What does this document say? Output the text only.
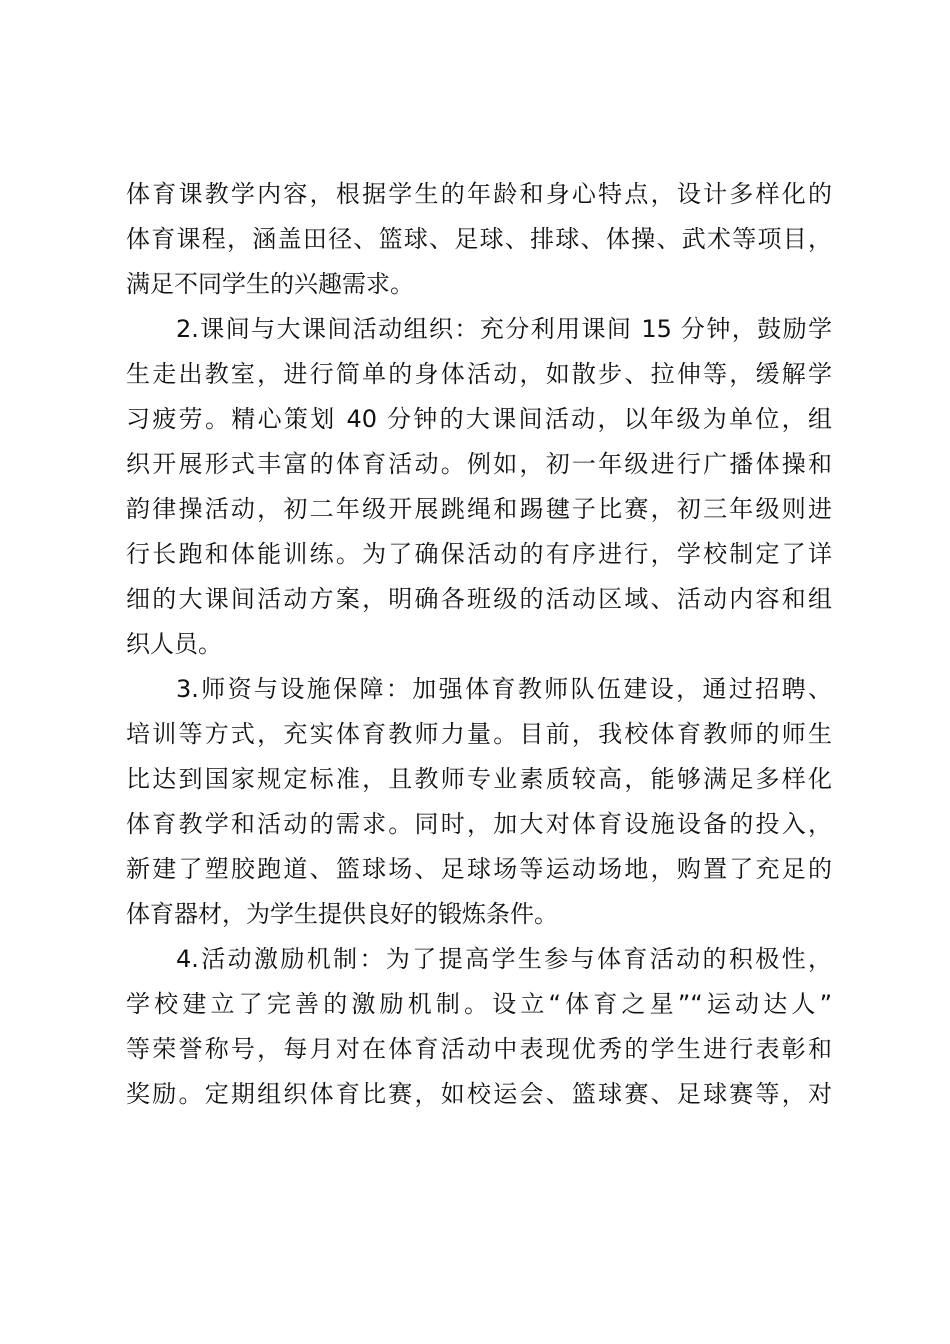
体育课教学内容，根据学生的年龄和身心特点，设计多样化的
体育课程，涵盖田径、篮球、足球、排球、体操、武术等项目，
满足不同学生的兴趣需求。
2.课间与大课间活动组织：充分利用课间 15 分钟，鼓励学
生走出教室，进行简单的身体活动，如散步、拉伸等，缓解学
习疲劳。精心策划 40 分钟的大课间活动，以年级为单位，组
织开展形式丰富的体育活动。例如，初一年级进行广播体操和
韵律操活动，初二年级开展跳绳和踢毽子比赛，初三年级则进
行长跑和体能训练。为了确保活动的有序进行，学校制定了详
细的大课间活动方案，明确各班级的活动区域、活动内容和组
织人员。
3.师资与设施保障：加强体育教师队伍建设，通过招聘、
培训等方式，充实体育教师力量。目前，我校体育教师的师生
比达到国家规定标准，且教师专业素质较高，能够满足多样化
体育教学和活动的需求。同时，加大对体育设施设备的投入，
新建了塑胶跑道、篮球场、足球场等运动场地，购置了充足的
体育器材，为学生提供良好的锻炼条件。
4.活动激励机制：为了提高学生参与体育活动的积极性，
学校建立了完善的激励机制。设立“体育之星”“运动达人”
等荣誉称号，每月对在体育活动中表现优秀的学生进行表彰和
奖励。定期组织体育比赛，如校运会、篮球赛、足球赛等，对
